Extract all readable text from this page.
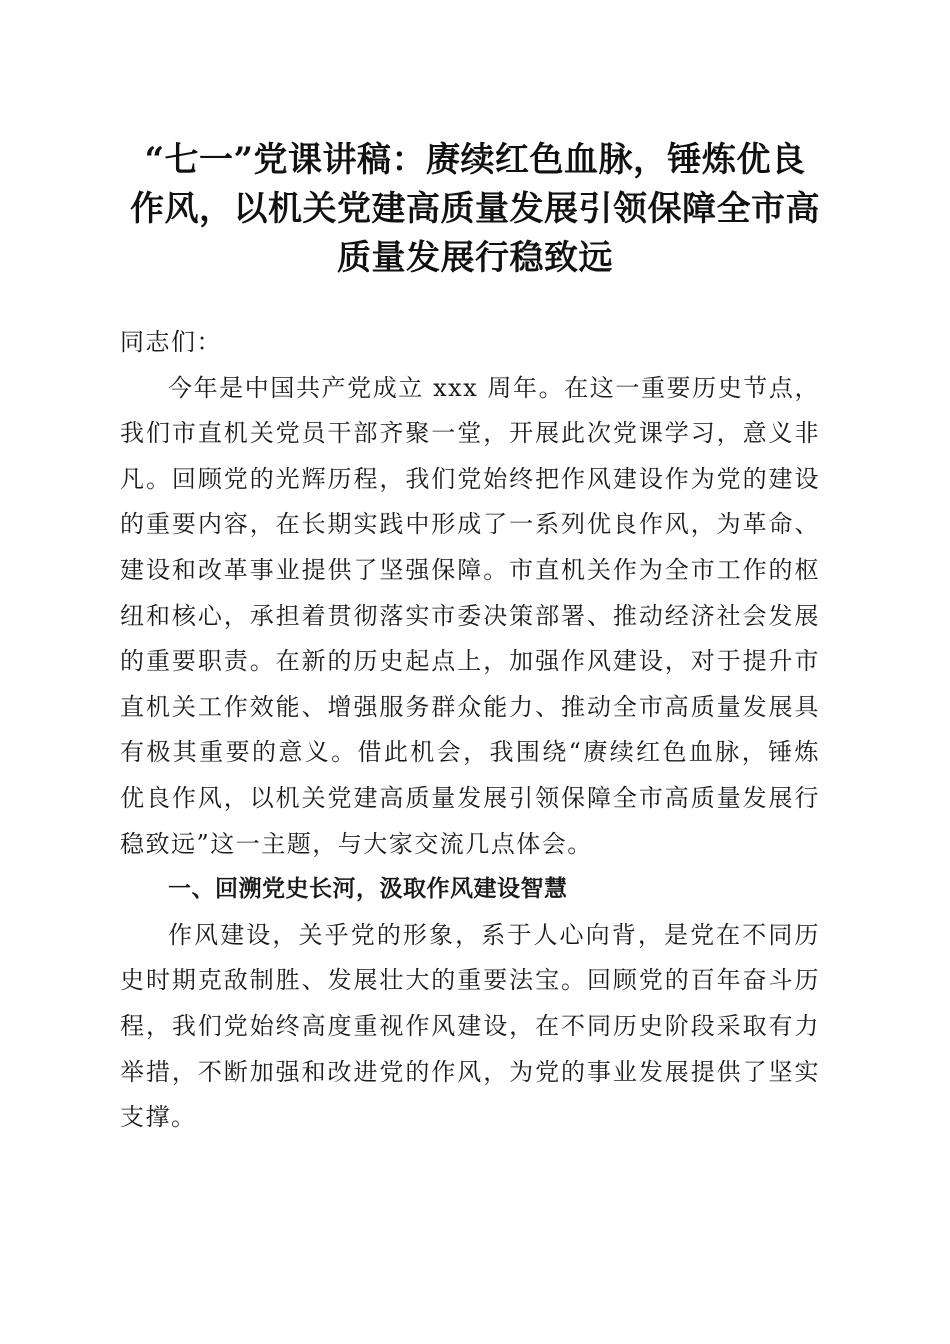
“七一”党课讲稿：赓续红色血脉，锤炼优良
作风，以机关党建高质量发展引领保障全市高
质量发展行稳致远

同志们：

今年是中国共产党成立 xxx 周年。在这一重要历史节点，我们市直机关党员干部齐聚一堂，开展此次党课学习，意义非凡。回顾党的光辉历程，我们党始终把作风建设作为党的建设的重要内容，在长期实践中形成了一系列优良作风，为革命、建设和改革事业提供了坚强保障。市直机关作为全市工作的枢纽和核心，承担着贯彻落实市委决策部署、推动经济社会发展的重要职责。在新的历史起点上，加强作风建设，对于提升市直机关工作效能、增强服务群众能力、推动全市高质量发展具有极其重要的意义。借此机会，我围绕“赓续红色血脉，锤炼优良作风，以机关党建高质量发展引领保障全市高质量发展行稳致远”这一主题，与大家交流几点体会。

一、回溯党史长河，汲取作风建设智慧

作风建设，关乎党的形象，系于人心向背，是党在不同历史时期克敌制胜、发展壮大的重要法宝。回顾党的百年奋斗历程，我们党始终高度重视作风建设，在不同历史阶段采取有力举措，不断加强和改进党的作风，为党的事业发展提供了坚实支撑。
